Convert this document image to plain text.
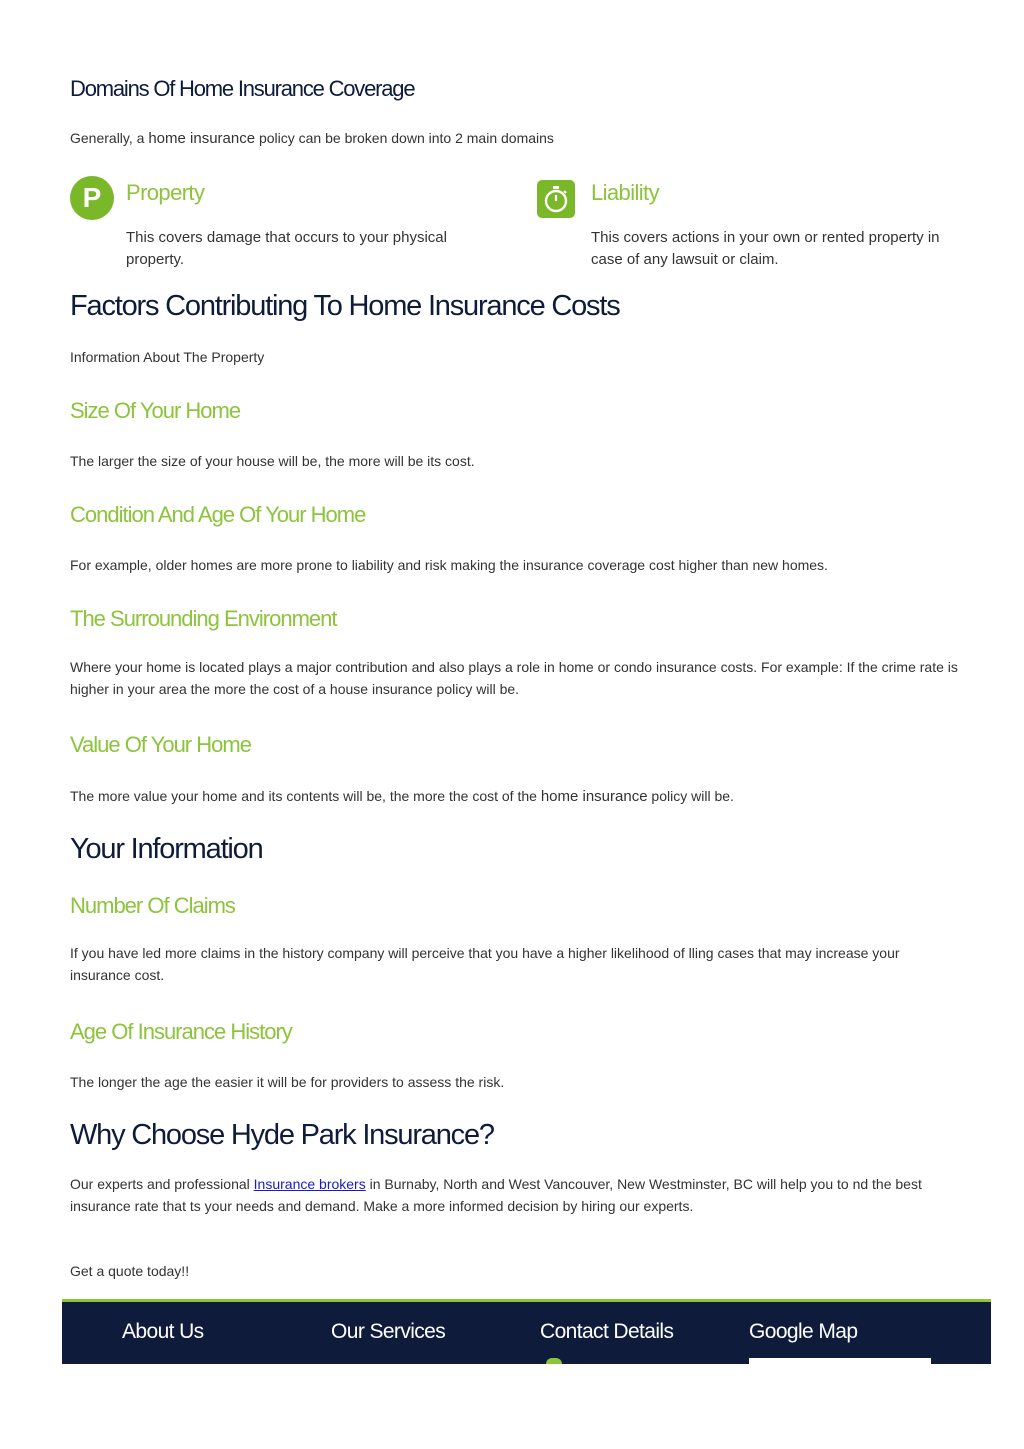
Domains Of Home Insurance Coverage

Generally, a home insurance policy can be broken down into 2 main domains

P Property
This covers damage that occurs to your physical property.
Liability
This covers actions in your own or rented property in case of any lawsuit or claim.
Factors Contributing To Home Insurance Costs

Information About The Property

Size Of Your Home

The larger the size of your house will be, the more will be its cost.

Condition And Age Of Your Home

For example, older homes are more prone to liability and risk making the insurance coverage cost higher than new homes.

The Surrounding Environment

Where your home is located plays a major contribution and also plays a role in home or condo insurance costs. For example: If the crime rate is higher in your area the more the cost of a house insurance policy will be.

Value Of Your Home

The more value your home and its contents will be, the more the cost of the home insurance policy will be.

Your Information
Number Of Claims

If you have led more claims in the history company will perceive that you have a higher likelihood of lling cases that may increase your insurance cost.

Age Of Insurance History

The longer the age the easier it will be for providers to assess the risk.

Why Choose Hyde Park Insurance?

Our experts and professional Insurance brokers in Burnaby, North and West Vancouver, New Westminster, BC will help you to nd the best insurance rate that ts your needs and demand. Make a more informed decision by hiring our experts.

Get a quote today!!

About Us	Our Services	Contact Details	Google Map
